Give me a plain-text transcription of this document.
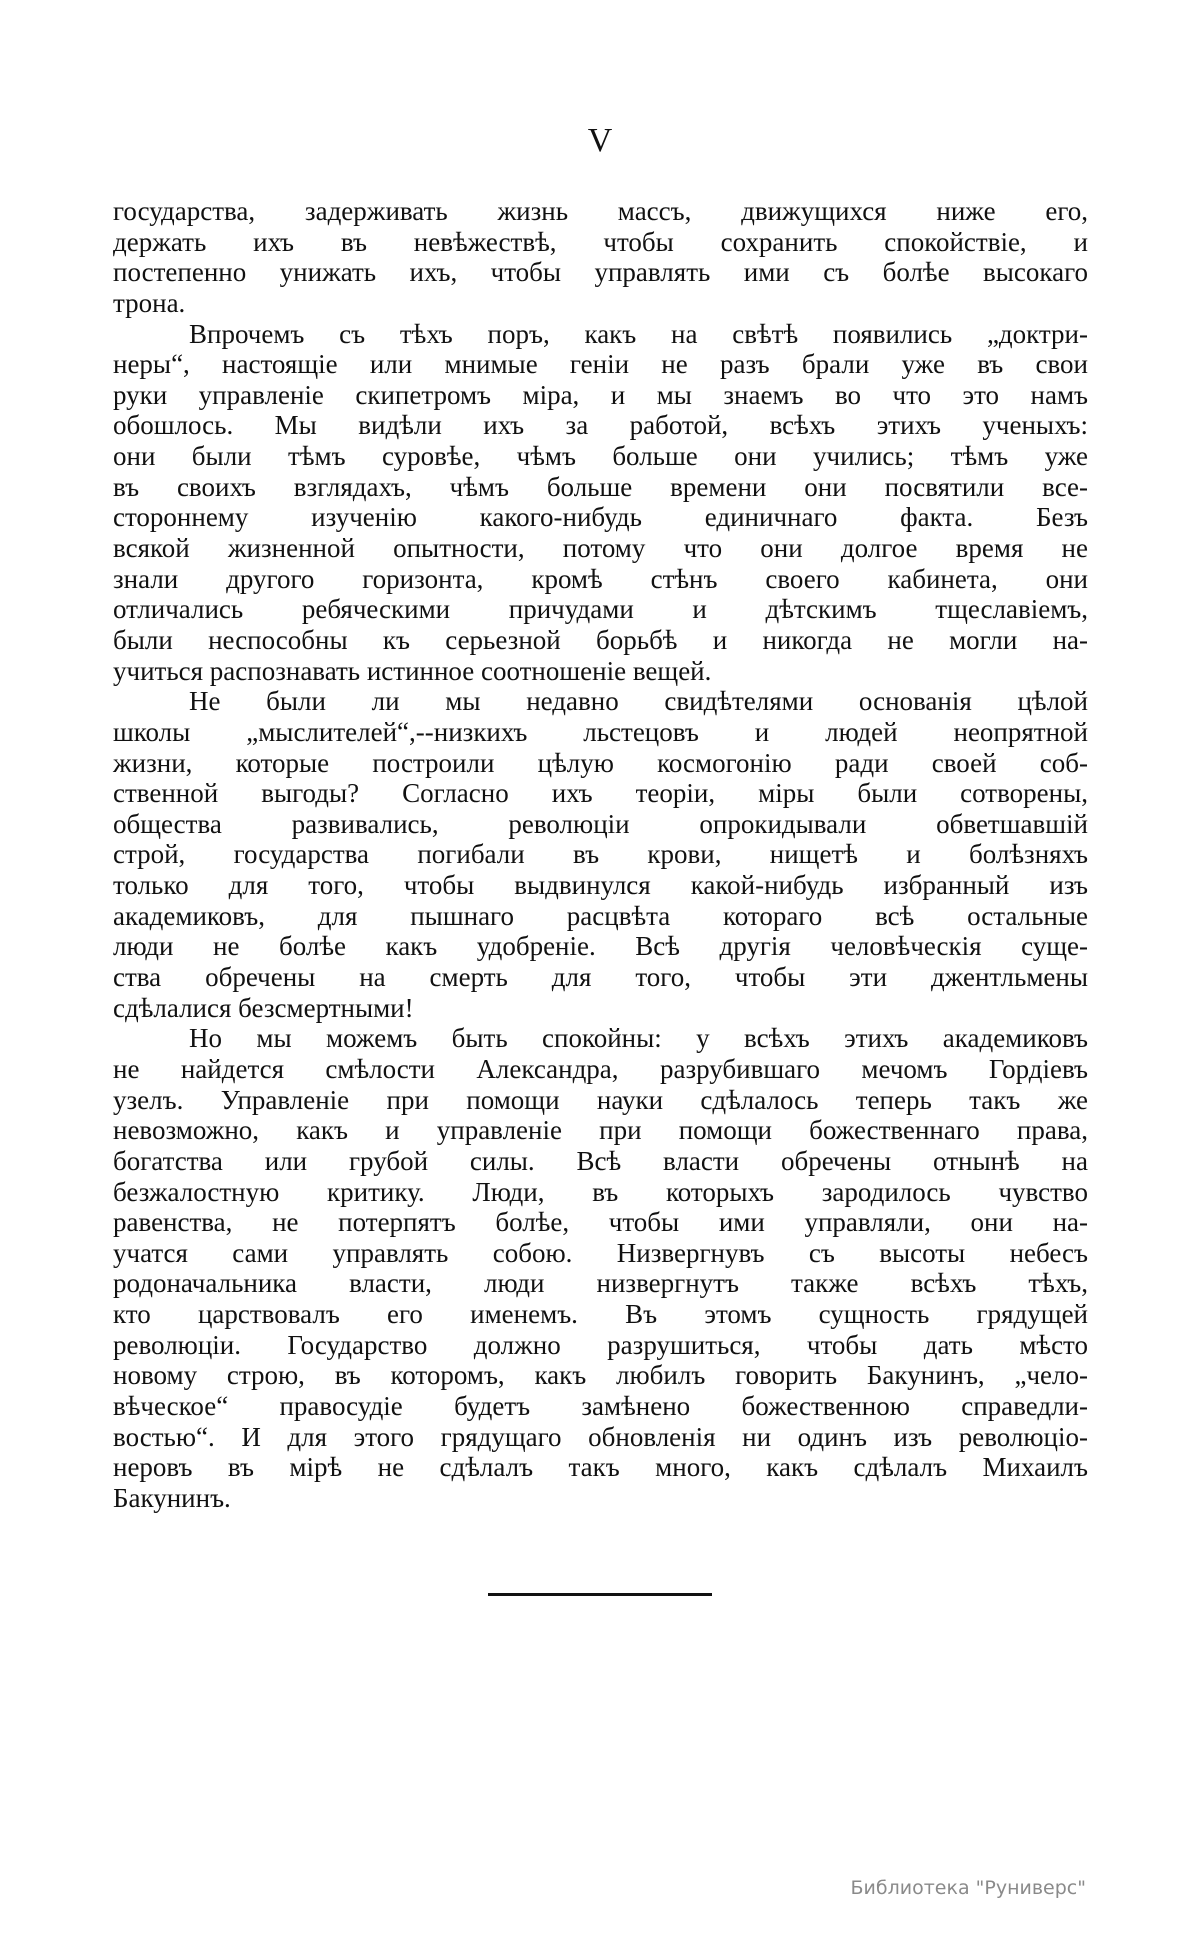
V
государства, задерживать жизнь массъ, движущихся ниже его,
держать ихъ въ невѣжествѣ, чтобы сохранить спокойствіе, и
постепенно унижать ихъ, чтобы управлять ими съ болѣе высокаго
трона.
Впрочемъ съ тѣхъ поръ, какъ на свѣтѣ появились „доктри-
неры“, настоящіе или мнимые геніи не разъ брали уже въ свои
руки управленіе скипетромъ міра, и мы знаемъ во что это намъ
обошлось. Мы видѣли ихъ за работой, всѣхъ этихъ ученыхъ:
они были тѣмъ суровѣе, чѣмъ больше они учились; тѣмъ уже
въ своихъ взглядахъ, чѣмъ больше времени они посвятили все-
стороннему изученію какого-нибудь единичнаго факта. Безъ
всякой жизненной опытности, потому что они долгое время не
знали другого горизонта, кромѣ стѣнъ своего кабинета, они
отличались ребяческими причудами и дѣтскимъ тщеславіемъ,
были неспособны къ серьезной борьбѣ и никогда не могли на-
учиться распознавать истинное соотношеніе вещей.
Не были ли мы недавно свидѣтелями основанія цѣлой
школы „мыслителей“,--низкихъ льстецовъ и людей неопрятной
жизни, которые построили цѣлую космогонію ради своей соб-
ственной выгоды? Согласно ихъ теоріи, міры были сотворены,
общества развивались, революціи опрокидывали обветшавшій
строй, государства погибали въ крови, нищетѣ и болѣзняхъ
только для того, чтобы выдвинулся какой-нибудь избранный изъ
академиковъ, для пышнаго расцвѣта котораго всѣ остальные
люди не болѣе какъ удобреніе. Всѣ другія человѣческія суще-
ства обречены на смерть для того, чтобы эти джентльмены
сдѣлалися безсмертными!
Но мы можемъ быть спокойны: у всѣхъ этихъ академиковъ
не найдется смѣлости Александра, разрубившаго мечомъ Гордіевъ
узелъ. Управленіе при помощи науки сдѣлалось теперь такъ же
невозможно, какъ и управленіе при помощи божественнаго права,
богатства или грубой силы. Всѣ власти обречены отнынѣ на
безжалостную критику. Люди, въ которыхъ зародилось чувство
равенства, не потерпятъ болѣе, чтобы ими управляли, они на-
учатся сами управлять собою. Низвергнувъ съ высоты небесъ
родоначальника власти, люди низвергнутъ также всѣхъ тѣхъ,
кто царствовалъ его именемъ. Въ этомъ сущность грядущей
революціи. Государство должно разрушиться, чтобы дать мѣсто
новому строю, въ которомъ, какъ любилъ говорить Бакунинъ, „чело-
вѣческое“ правосудіе будетъ замѣнено божественною справедли-
востью“. И для этого грядущаго обновленія ни одинъ изъ революціо-
неровъ въ мірѣ не сдѣлалъ такъ много, какъ сдѣлалъ Михаилъ
Бакунинъ.
Библиотека "Руниверс"
